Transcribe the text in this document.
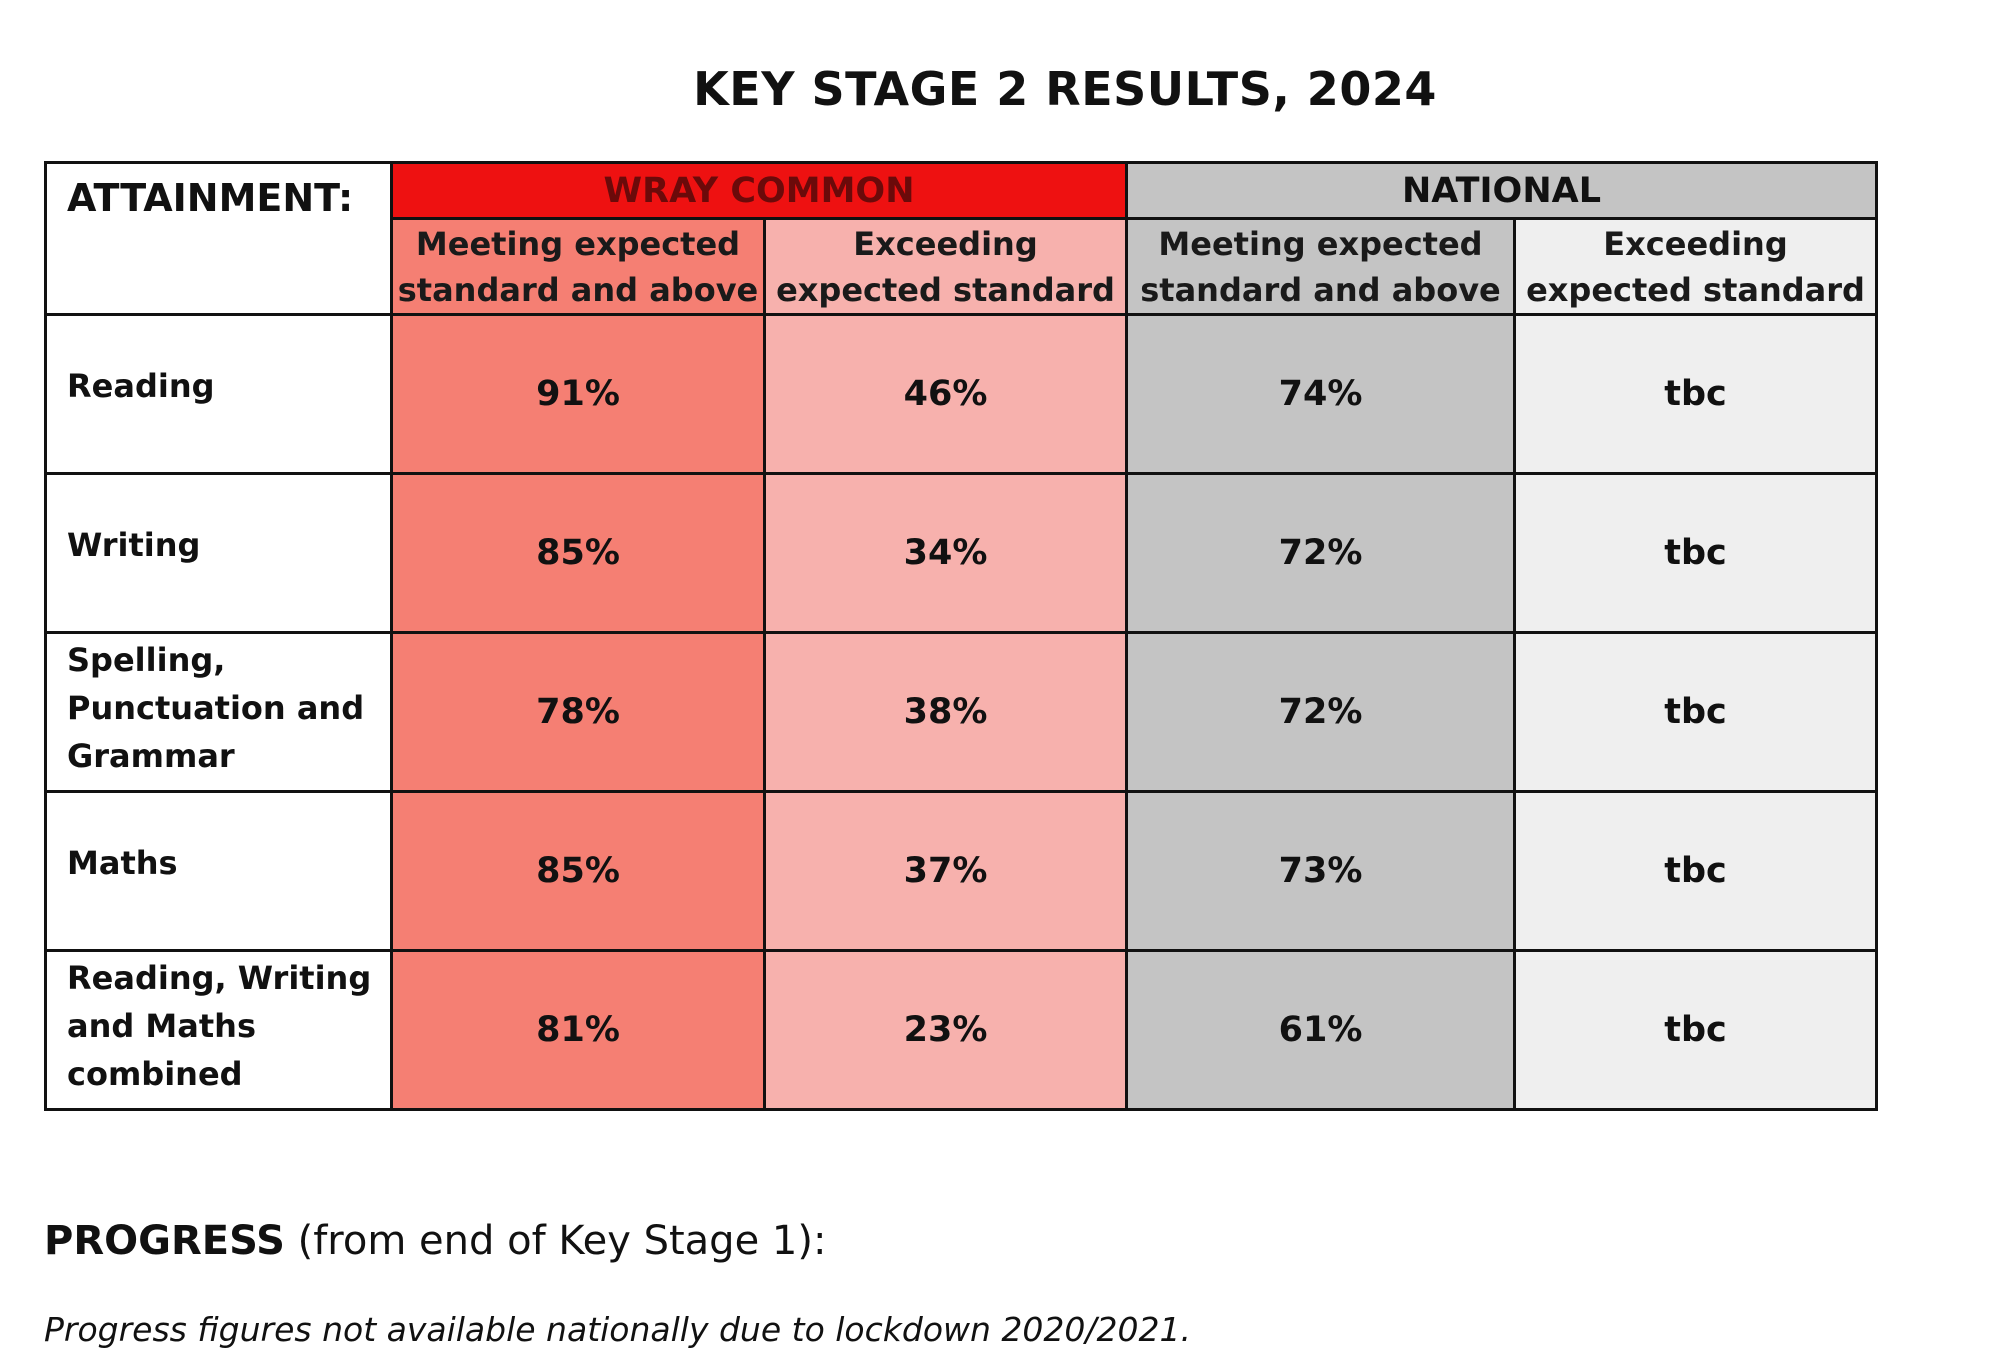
KEY STAGE 2 RESULTS, 2024
ATTAINMENT:	WRAY COMMON		NATIONAL	
	Meeting expected standard and above	Exceeding expected standard	Meeting expected standard and above	Exceeding expected standard
Reading	91%	46%	74%	tbc
Writing	85%	34%	72%	tbc
Spelling, Punctuation and Grammar	78%	38%	72%	tbc
Maths	85%	37%	73%	tbc
Reading, Writing and Maths combined	81%	23%	61%	tbc
PROGRESS (from end of Key Stage 1):
Progress figures not available nationally due to lockdown 2020/2021.
